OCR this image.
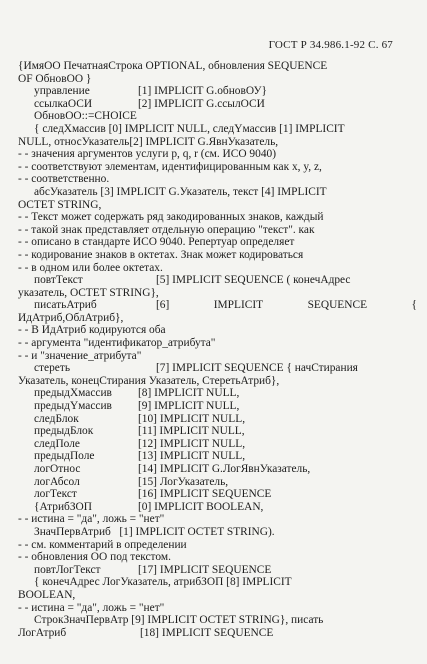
ГОСТ Р 34.986.1-92 С. 67
{ИмяОО ПечатнаяСтрока OPTIONAL, обновления SEQUENCE
OF ОбновОО }
управление	[1] IMPLICIT G.обновОУ}
ссылкаОСИ	[2] IMPLICIT G.ссылОСИ
ОбновОО::=CHOICE
{ следХмассив [0] IMPLICIT NULL, следYмассив [1] IMPLICIT
NULL, относУказатель[2] IMPLICIT G.ЯвнУказатель,
- - значения аргументов услуги p, q, r (см. ИСО 9040)
- - соответствуют элементам, идентифицированным как x, y, z,
- - соответственно.
абсУказатель [3] IMPLICIT G.Указатель, текст [4] IMPLICIT
OCTET STRING,
- - Текст может содержать ряд закодированных знаков, каждый
- - такой знак представляет отдельную операцию "текст". как
- - описано в стандарте ИСО 9040. Репертуар определяет
- - кодирование знаков в октетах. Знак может кодироваться
- - в одном или более октетах.
повтТекст	[5] IMPLICIT SEQUENCE ( конечАдрес
указатель, OCTET STRING},
писатьАтриб	[6]	IMPLICIT	SEQUENCE	{
ИдАтриб,ОблАтриб},
- - В ИдАтриб кодируются оба
- - аргумента "идентификатор_атрибута"
- - и "значение_атрибута"
стереть	[7] IMPLICIT SEQUENCE { начСтирания
Указатель, конецСтирания Указатель, СтеретьАтриб},
предыдХмассив	[8] IMPLICIT NULL,
предыдYмассив	[9] IMPLICIT NULL,
следБлок	[10] IMPLICIT NULL,
предыдБлок	[11] IMPLICIT NULL,
следПоле	[12] IMPLICIT NULL,
предыдПоле	[13] IMPLICIT NULL,
логОтнос	[14] IMPLICIT G.ЛогЯвнУказатель,
логАбсол	[15] ЛогУказатель,
логТекст	[16] IMPLICIT SEQUENCE
{АтрибЗОП	[0] IMPLICIT BOOLEAN,
- - истина = "да", ложь = "нет"
ЗначПервАтриб   [1] IMPLICIT OCTET STRING).
- - см. комментарий в определении
- - обновления ОО под текстом.
повтЛогТекст	[17] IMPLICIT SEQUENCE
{ конечАдрес ЛогУказатель, атрибЗОП [8] IMPLICIT
BOOLEAN,
- - истина = "да", ложь = "нет"
СтрокЗначПервАтр [9] IMPLICIT OCTET STRING}, писать
ЛогАтриб	[18] IMPLICIT SEQUENCE
